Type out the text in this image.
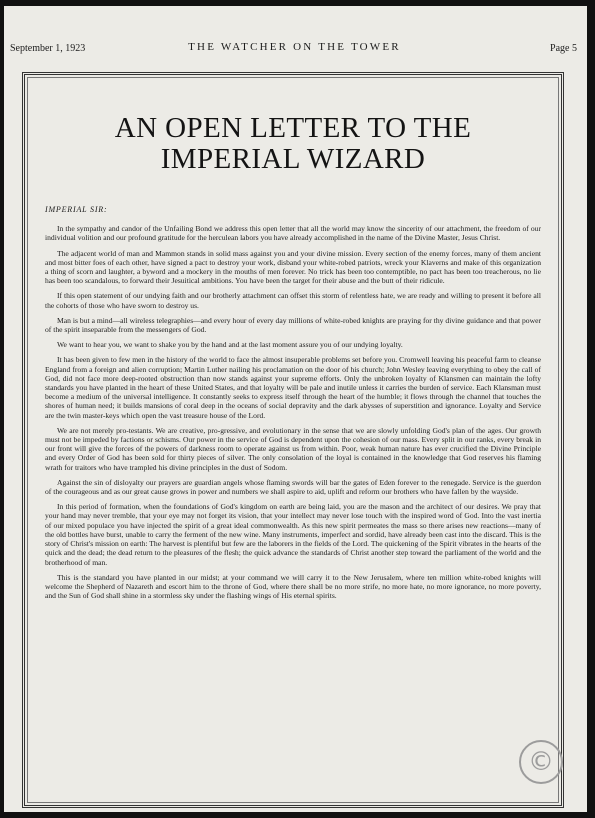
September 1, 1923	THE WATCHER ON THE TOWER	Page 5
AN OPEN LETTER TO THE
IMPERIAL WIZARD
IMPERIAL SIR:

In the sympathy and candor of the Unfailing Bond we address this open letter that all the world may know the sincerity of our attachment, the freedom of our individual volition and our profound gratitude for the herculean labors you have already accomplished in the name of the Divine Master, Jesus Christ.

The adjacent world of man and Mammon stands in solid mass against you and your divine mission. Every section of the enemy forces, many of them ancient and most bitter foes of each other, have signed a pact to destroy your work, disband your white-robed patriots, wreck your Klaverns and make of this organization a thing of scorn and laughter, a byword and a mockery in the mouths of men forever. No trick has been too contemptible, no pact has been too treacherous, no lie has been too scandalous, to forward their Jesuitical ambitions. You have been the target for their abuse and the butt of their ridicule.

If this open statement of our undying faith and our brotherly attachment can offset this storm of relentless hate, we are ready and willing to present it before all the cohorts of those who have sworn to destroy us.

Man is but a mind—all wireless telegraphies—and every hour of every day millions of white-robed knights are praying for thy divine guidance and that power of the spirit inseparable from the messengers of God.

We want to hear you, we want to shake you by the hand and at the last moment assure you of our undying loyalty.

It has been given to few men in the history of the world to face the almost insuperable problems set before you. Cromwell leaving his peaceful farm to cleanse England from a foreign and alien corruption; Martin Luther nailing his proclamation on the door of his church; John Wesley leaving everything to obey the call of God, did not face more deep-rooted obstruction than now stands against your supreme efforts. Only the unbroken loyalty of Klansmen can maintain the lofty standards you have planted in the heart of these United States, and that loyalty will be pale and inutile unless it carries the burden of service. Each Klansman must become a medium of the universal intelligence. It constantly seeks to express itself through the heart of the humble; it flows through the channel that touches the shores of human need; it builds mansions of coral deep in the oceans of social depravity and the dark abysses of superstition and ignorance. Loyalty and Service are the twin master-keys which open the vast treasure house of the Lord.

We are not merely pro-testants. We are creative, pro-gressive, and evolutionary in the sense that we are slowly unfolding God's plan of the ages. Our growth must not be impeded by factions or schisms. Our power in the service of God is dependent upon the cohesion of our mass. Every split in our ranks, every break in our front will give the forces of the powers of darkness room to operate against us from within. Poor, weak human nature has ever crucified the Divine Principle and every Order of God has been sold for thirty pieces of silver. The only consolation of the loyal is contained in the knowledge that God reserves his flaming wrath for traitors who have trampled his divine principles in the dust of Sodom.

Against the sin of disloyalty our prayers are guardian angels whose flaming swords will bar the gates of Eden forever to the renegade. Service is the guerdon of the courageous and as our great cause grows in power and numbers we shall aspire to aid, uplift and reform our brothers who have fallen by the wayside.

In this period of formation, when the foundations of God's kingdom on earth are being laid, you are the mason and the architect of our desires. We pray that your hand may never tremble, that your eye may not forget its vision, that your intellect may never lose touch with the inspired word of God. Into the vast inertia of our mixed populace you have injected the spirit of a great ideal commonwealth. As this new spirit permeates the mass so there arises new reactions—many of the old bottles have burst, unable to carry the ferment of the new wine. Many instruments, imperfect and sordid, have already been cast into the discard. This is the story of Christ's mission on earth: The harvest is plentiful but few are the laborers in the fields of the Lord. The quickening of the Spirit vibrates in the hearts of the quick and the dead; the dead return to the pleasures of the flesh; the quick advance the standards of Christ another step toward the parliament of the world and the brotherhood of man.

This is the standard you have planted in our midst; at your command we will carry it to the New Jerusalem, where ten million white-robed knights will welcome the Shepherd of Nazareth and escort him to the throne of God, where there shall be no more strife, no more hate, no more ignorance, no more poverty, and the Sun of God shall shine in a stormless sky under the flashing wings of His eternal spirits.

©
